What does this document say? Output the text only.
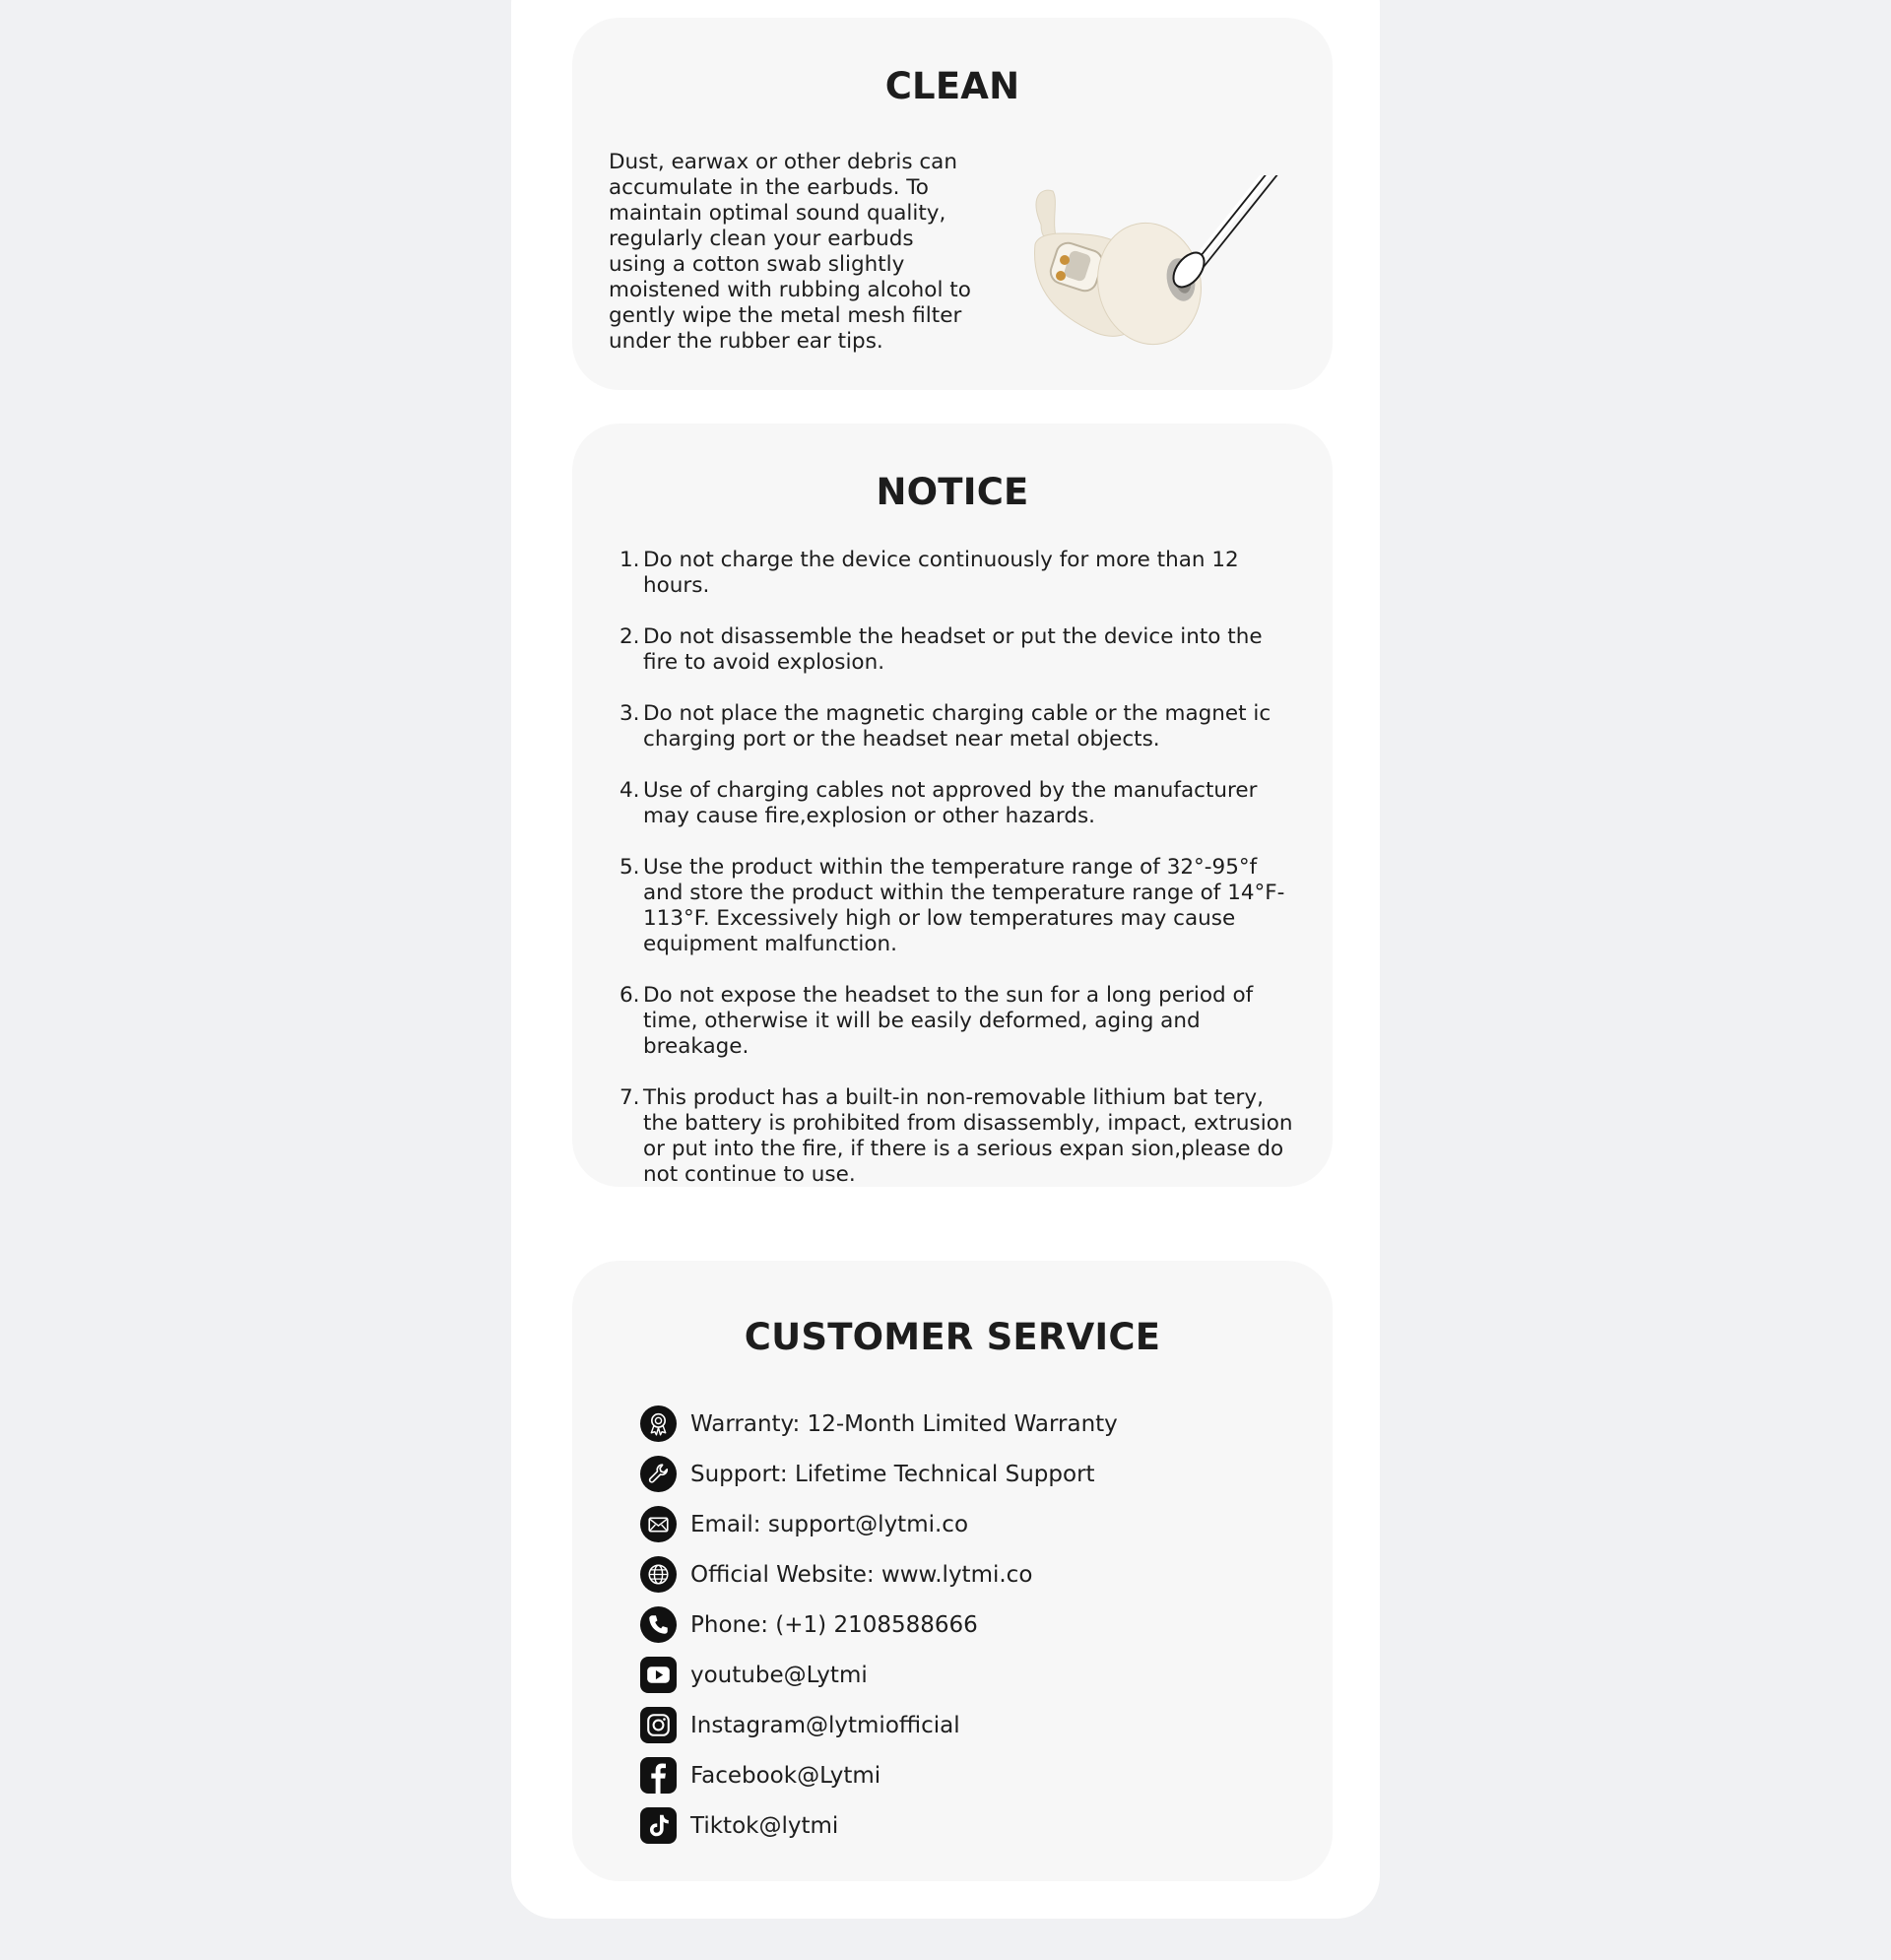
CLEAN

Dust, earwax or other debris can accumulate in the earbuds. To maintain optimal sound quality, regularly clean your earbuds using a cotton swab slightly moistened with rubbing alcohol to gently wipe the metal mesh filter under the rubber ear tips.

NOTICE
1. Do not charge the device continuously for more than 12 hours.
2. Do not disassemble the headset or put the device into the fire to avoid explosion.
3. Do not place the magnetic charging cable or the magnet ic charging port or the headset near metal objects.
4. Use of charging cables not approved by the manufacturer may cause fire,explosion or other hazards.
5. Use the product within the temperature range of 32°-95°f and store the product within the temperature range of 14°F-113°F. Excessively high or low temperatures may cause equipment malfunction.
6. Do not expose the headset to the sun for a long period of time, otherwise it will be easily deformed, aging and breakage.
7. This product has a built-in non-removable lithium bat tery, the battery is prohibited from disassembly, impact, extrusion or put into the fire, if there is a serious expan sion,please do not continue to use.
CUSTOMER SERVICE
Warranty: 12-Month Limited Warranty
Support: Lifetime Technical Support
Email: support@lytmi.co
Official Website: www.lytmi.co
Phone: (+1) 2108588666
youtube@Lytmi
Instagram@lytmiofficial
Facebook@Lytmi
Tiktok@lytmi
